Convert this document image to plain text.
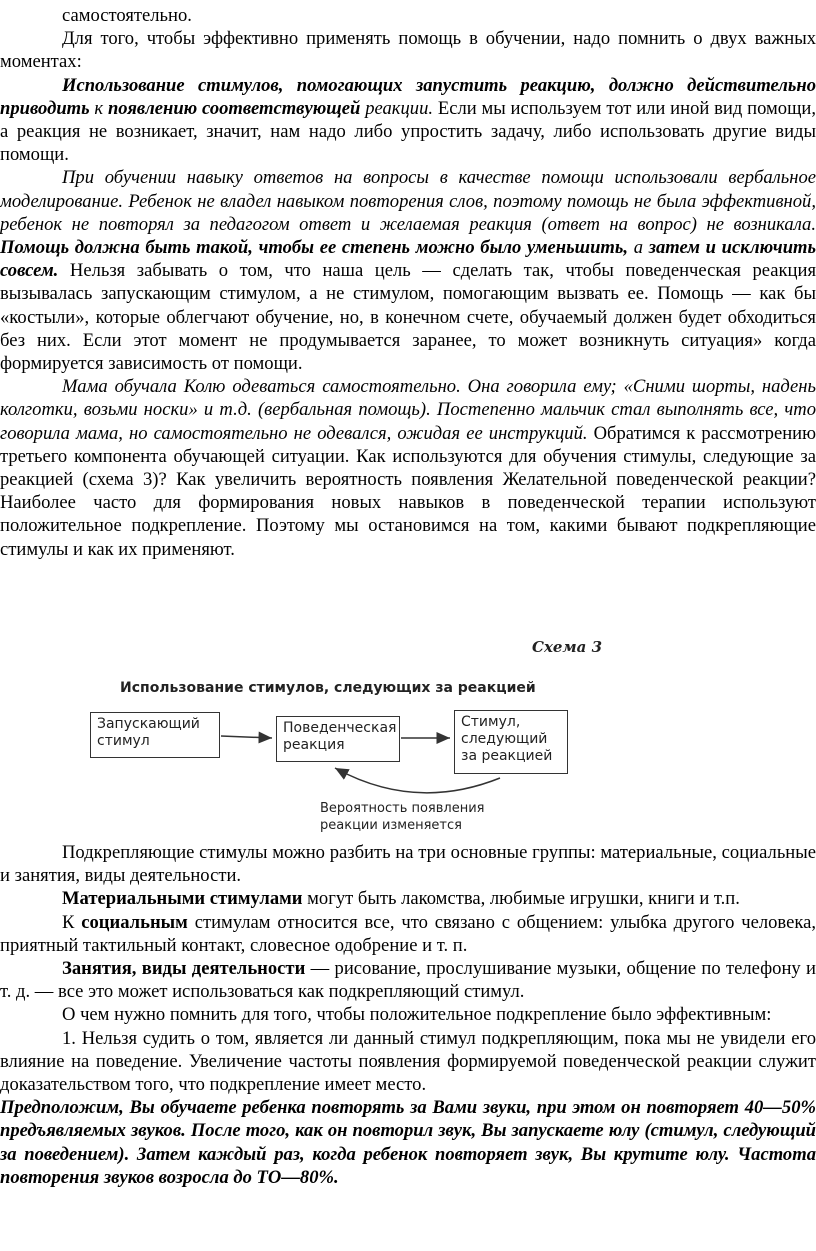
самостоятельно.

Для того, чтобы эффективно применять помощь в обучении, надо помнить о двух важных моментах:

Использование стимулов, помогающих запустить реакцию, должно действительно приводить к появлению соответствующей реакции. Если мы используем тот или иной вид помощи, а реакция не возникает, значит, нам надо либо упростить задачу, либо использовать другие виды помощи.

При обучении навыку ответов на вопросы в качестве помощи использовали вербальное моделирование. Ребенок не владел навыком повторения слов, поэтому помощь не была эффективной, ребенок не повторял за педагогом ответ и желаемая реакция (ответ на вопрос) не возникала. Помощь должна быть такой, чтобы ее степень можно было уменьшить, а затем и исключить совсем. Нельзя забывать о том, что наша цель — сделать так, чтобы поведенческая реакция вызывалась запускающим стимулом, а не стимулом, помогающим вызвать ее. Помощь — как бы «костыли», которые облегчают обучение, но, в конечном счете, обучаемый должен будет обходиться без них. Если этот момент не продумывается заранее, то может возникнуть ситуация» когда формируется зависимость от помощи.

Мама обучала Колю одеваться самостоятельно. Она говорила ему; «Сними шорты, надень колготки, возьми носки» и т.д. (вербальная помощь). Постепенно мальчик стал выполнять все, что говорила мама, но самостоятельно не одевался, ожидая ее инструкций. Обратимся к рассмотрению третьего компонента обучающей ситуации. Как используются для обучения стимулы, следующие за реакцией (схема 3)? Как увеличить вероятность появления Желательной поведенческой реакции? Наиболее часто для формирования новых навыков в поведенческой терапии используют положительное подкрепление. Поэтому мы остановимся на том, какими бывают подкрепляющие стимулы и как их применяют.

Схема 3
Использование стимулов, следующих за реакцией
Запускающий
стимул
Поведенческая
реакция
Стимул,
следующий
за реакцией
Вероятность появления
реакции изменяется

Подкрепляющие стимулы можно разбить на три основные группы: материальные, социальные и занятия, виды деятельности.

Материальными стимулами могут быть лакомства, любимые игрушки, книги и т.п.

К социальным стимулам относится все, что связано с общением: улыбка другого человека, приятный тактильный контакт, словесное одобрение и т. п.

Занятия, виды деятельности — рисование, прослушивание музыки, общение по телефону и т. д. — все это может использоваться как подкрепляющий стимул.

О чем нужно помнить для того, чтобы положительное подкрепление было эффективным:

1. Нельзя судить о том, является ли данный стимул подкрепляющим, пока мы не увидели его влияние на поведение. Увеличение частоты появления формируемой поведенческой реакции служит доказательством того, что подкрепление имеет место.

Предположим, Вы обучаете ребенка повторять за Вами звуки, при этом он повторяет 40—50% предъявляемых звуков. После того, как он повторил звук, Вы запускаете юлу (стимул, следующий за поведением). Затем каждый раз, когда ребенок повторяет звук, Вы крутите юлу. Частота повторения звуков возросла до ТО—80%.
